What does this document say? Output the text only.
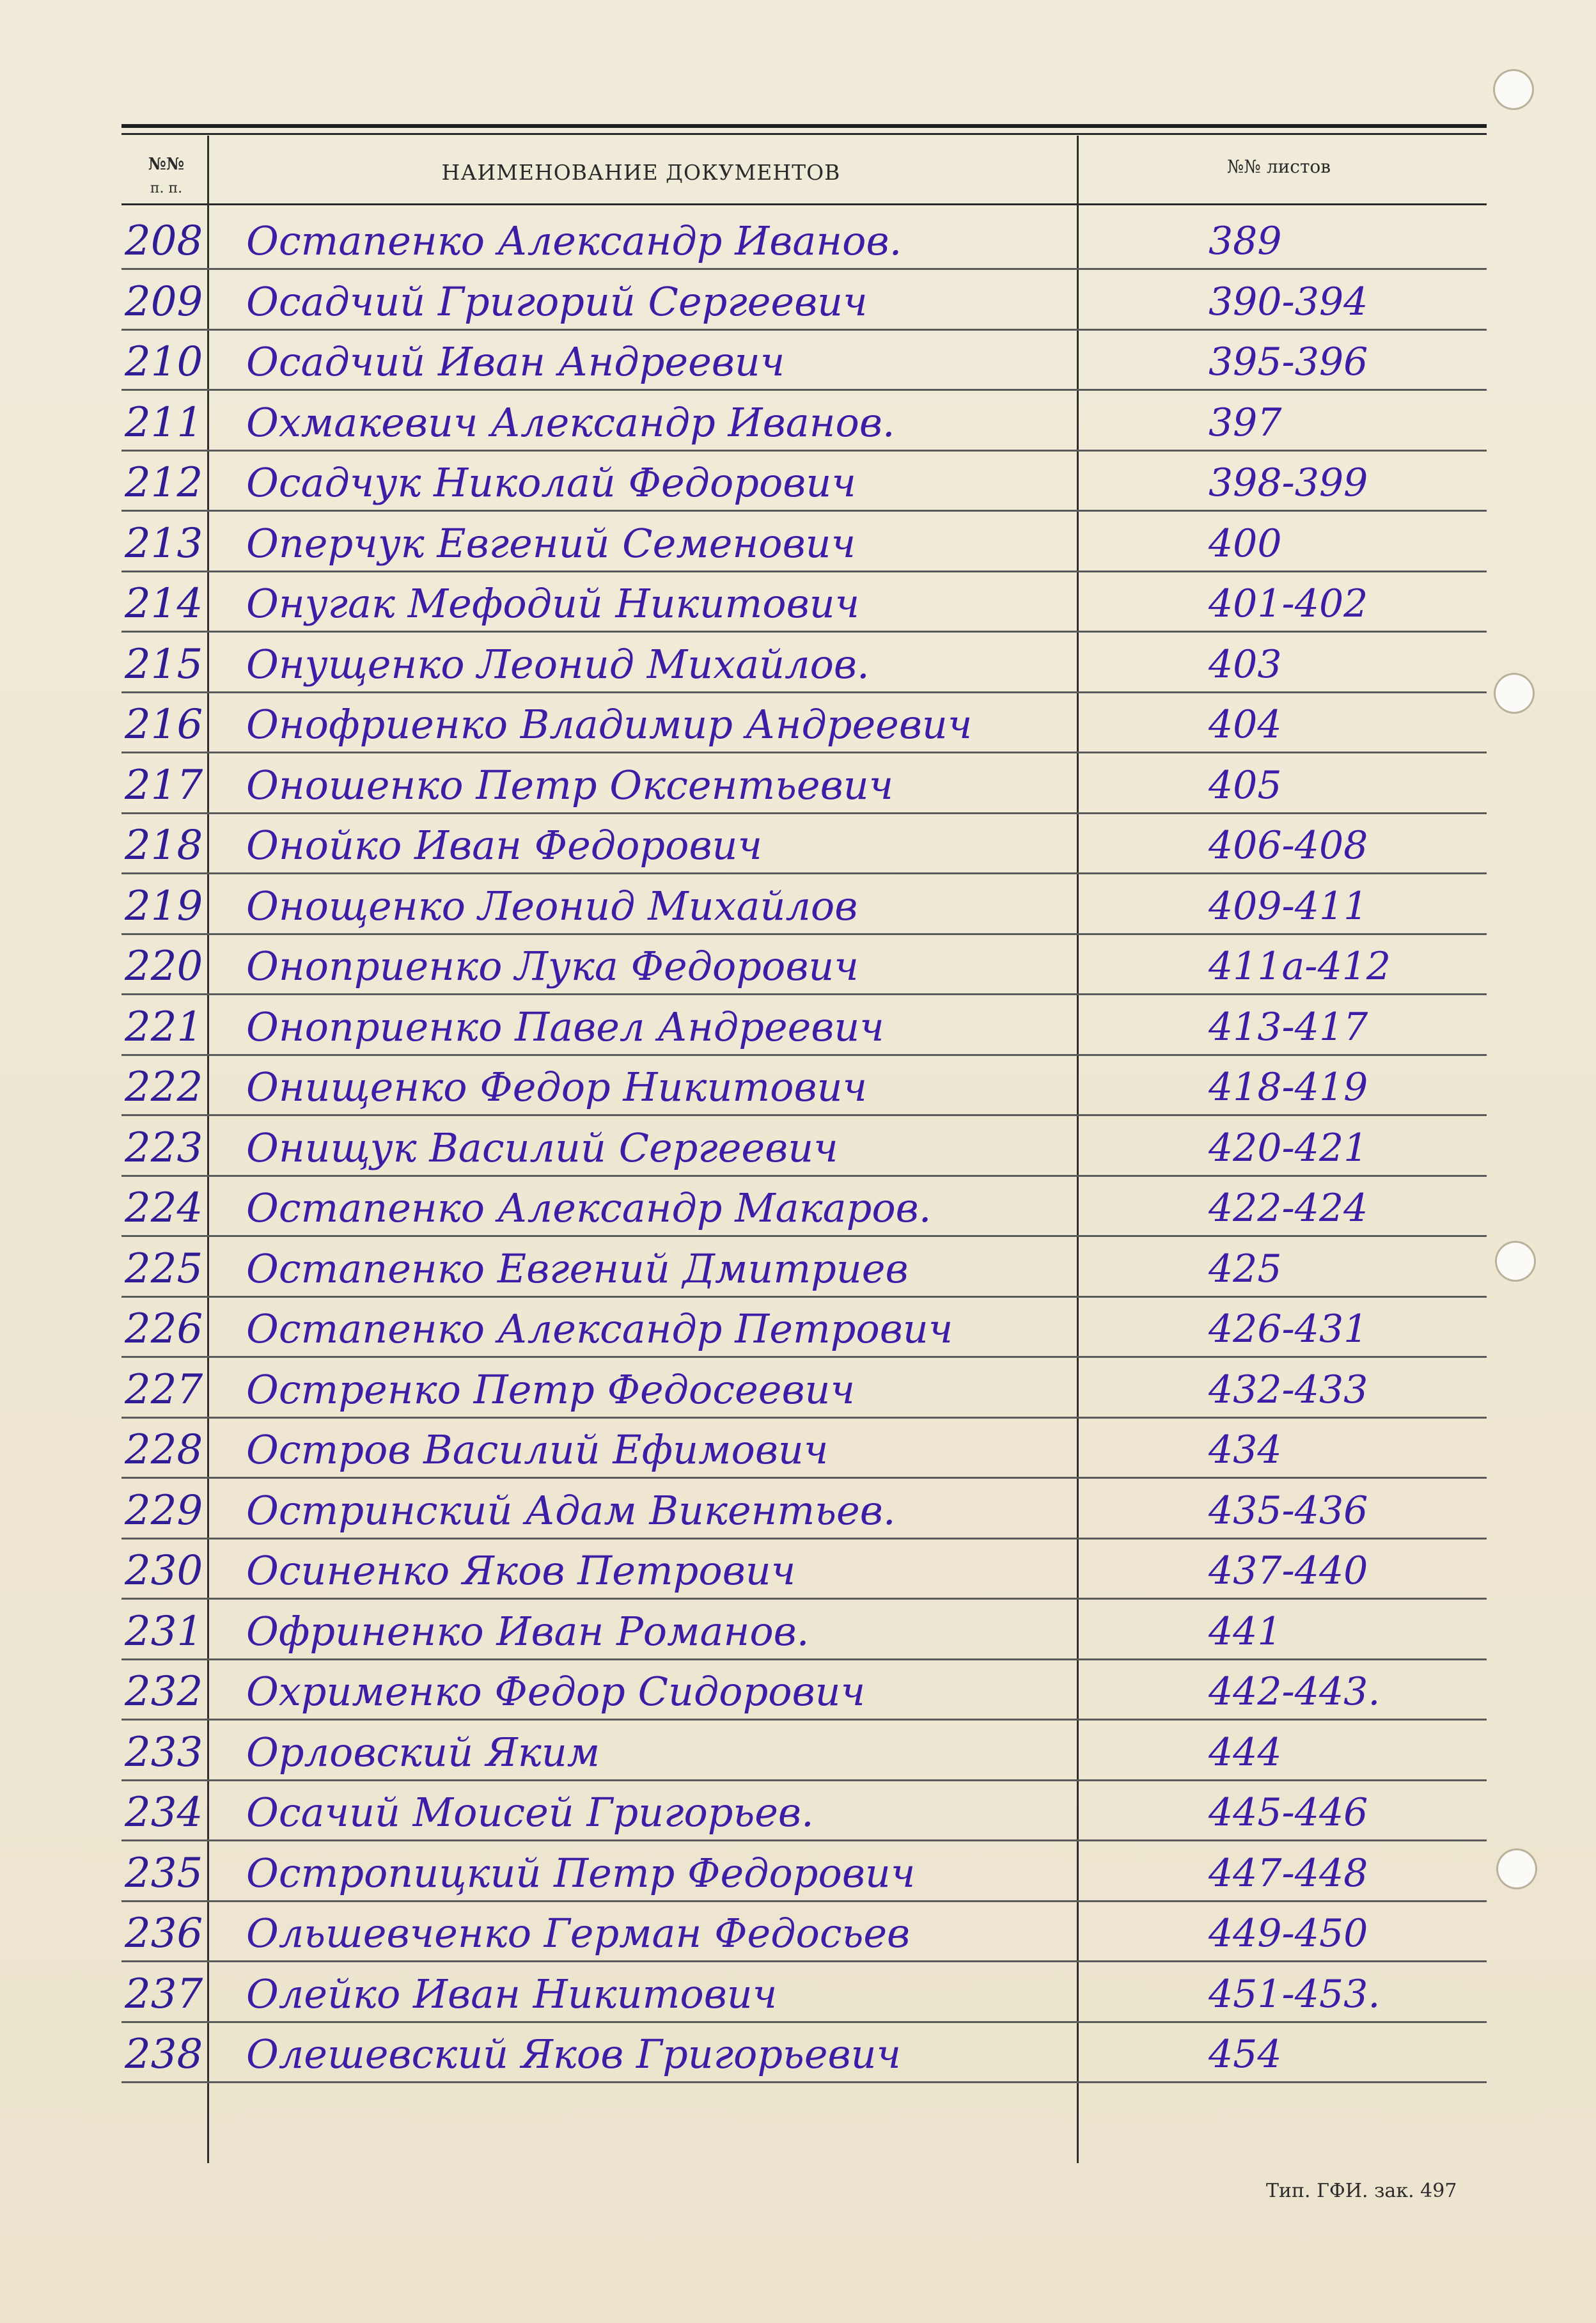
№№
п. п.
НАИМЕНОВАНИЕ ДОКУМЕНТОВ	№№ листов
208	Остапенко Александр Иванов.	389
209	Осадчий Григорий Сергеевич	390-394
210	Осадчий Иван Андреевич	395-396
211	Охмакевич Александр Иванов.	397
212	Осадчук Николай Федорович	398-399
213	Оперчук Евгений Семенович	400
214	Онугак Мефодий Никитович	401-402
215	Онущенко Леонид Михайлов.	403
216	Онофриенко Владимир Андреевич	404
217	Оношенко Петр Оксентьевич	405
218	Онойко Иван Федорович	406-408
219	Онощенко Леонид Михайлов	409-411
220	Оноприенко Лука Федорович	411а-412
221	Оноприенко Павел Андреевич	413-417
222	Онищенко Федор Никитович	418-419
223	Онищук Василий Сергеевич	420-421
224	Остапенко Александр Макаров.	422-424
225	Остапенко Евгений Дмитриев	425
226	Остапенко Александр Петрович	426-431
227	Остренко Петр Федосеевич	432-433
228	Остров Василий Ефимович	434
229	Остринский Адам Викентьев.	435-436
230	Осиненко Яков Петрович	437-440
231	Офриненко Иван Романов.	441
232	Охрименко Федор Сидорович	442-443.
233	Орловский Яким	444
234	Осачий Моисей Григорьев.	445-446
235	Остропицкий Петр Федорович	447-448
236	Ольшевченко Герман Федосьев	449-450
237	Олейко Иван Никитович	451-453.
238	Олешевский Яков Григорьевич	454
Тип. ГФИ. зак. 497
